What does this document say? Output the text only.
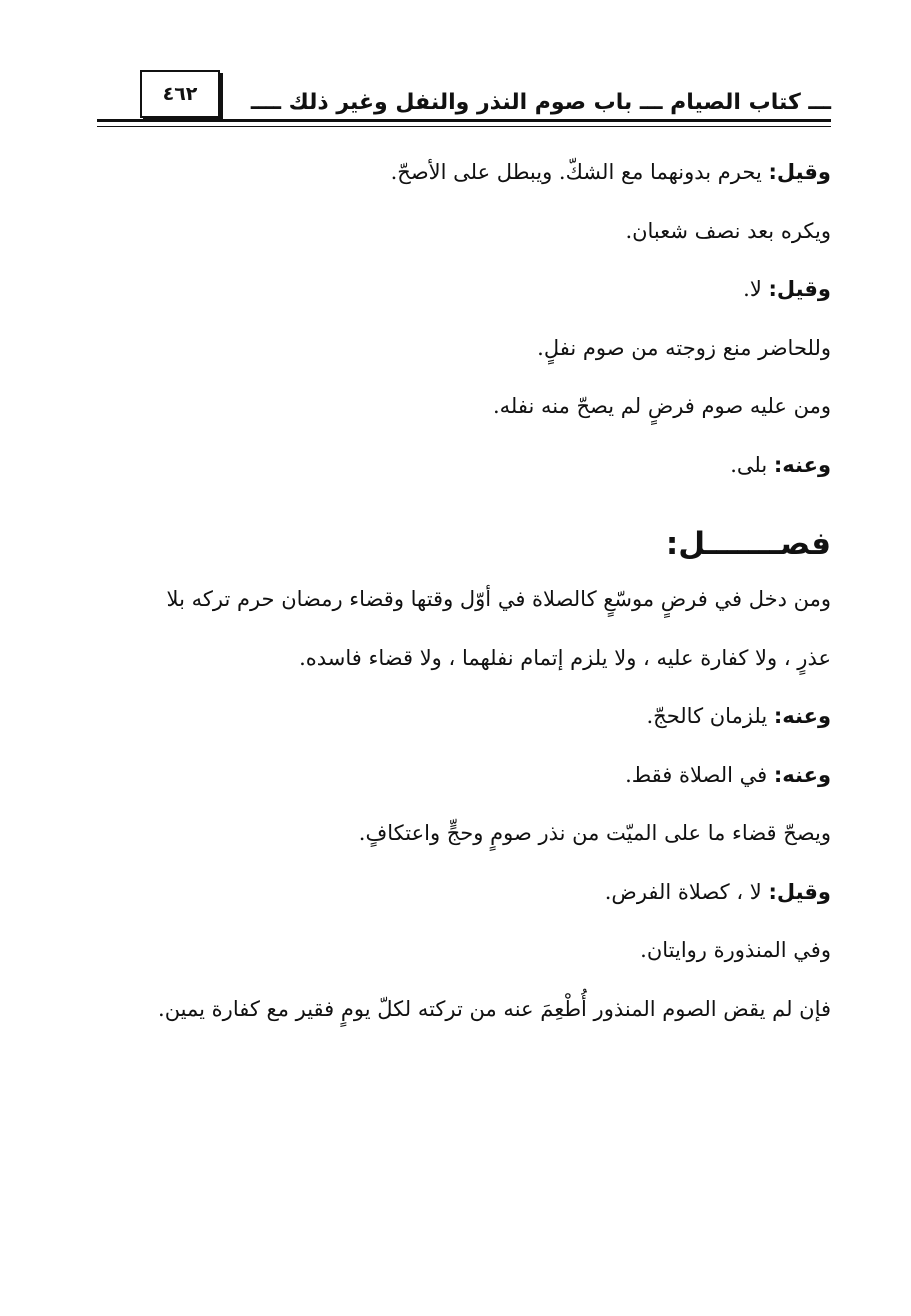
٤٦٢ ـــ كتاب الصيام ـــ باب صوم النذر والنفل وغير ذلك ــــ
وقيل: يحرم بدونهما مع الشكّ. ويبطل على الأصحّ.
ويكره بعد نصف شعبان.
وقيل: لا.
وللحاضر منع زوجته من صوم نفلٍ.
ومن عليه صوم فرضٍ لم يصحّ منه نفله.
وعنه: بلى.
فصـــــــل:
ومن دخل في فرضٍ موسّعٍ كالصلاة في أوّل وقتها وقضاء رمضان حرم تركه بلا
عذرٍ ، ولا كفارة عليه ، ولا يلزم إتمام نفلهما ، ولا قضاء فاسده.
وعنه: يلزمان كالحجّ.
وعنه: في الصلاة فقط.
ويصحّ قضاء ما على الميّت من نذر صومٍ وحجٍّ واعتكافٍ.
وقيل: لا ، كصلاة الفرض.
وفي المنذورة روايتان.
فإن لم يقض الصوم المنذور أُطْعِمَ عنه من تركته لكلّ يومٍ فقير مع كفارة يمين.
